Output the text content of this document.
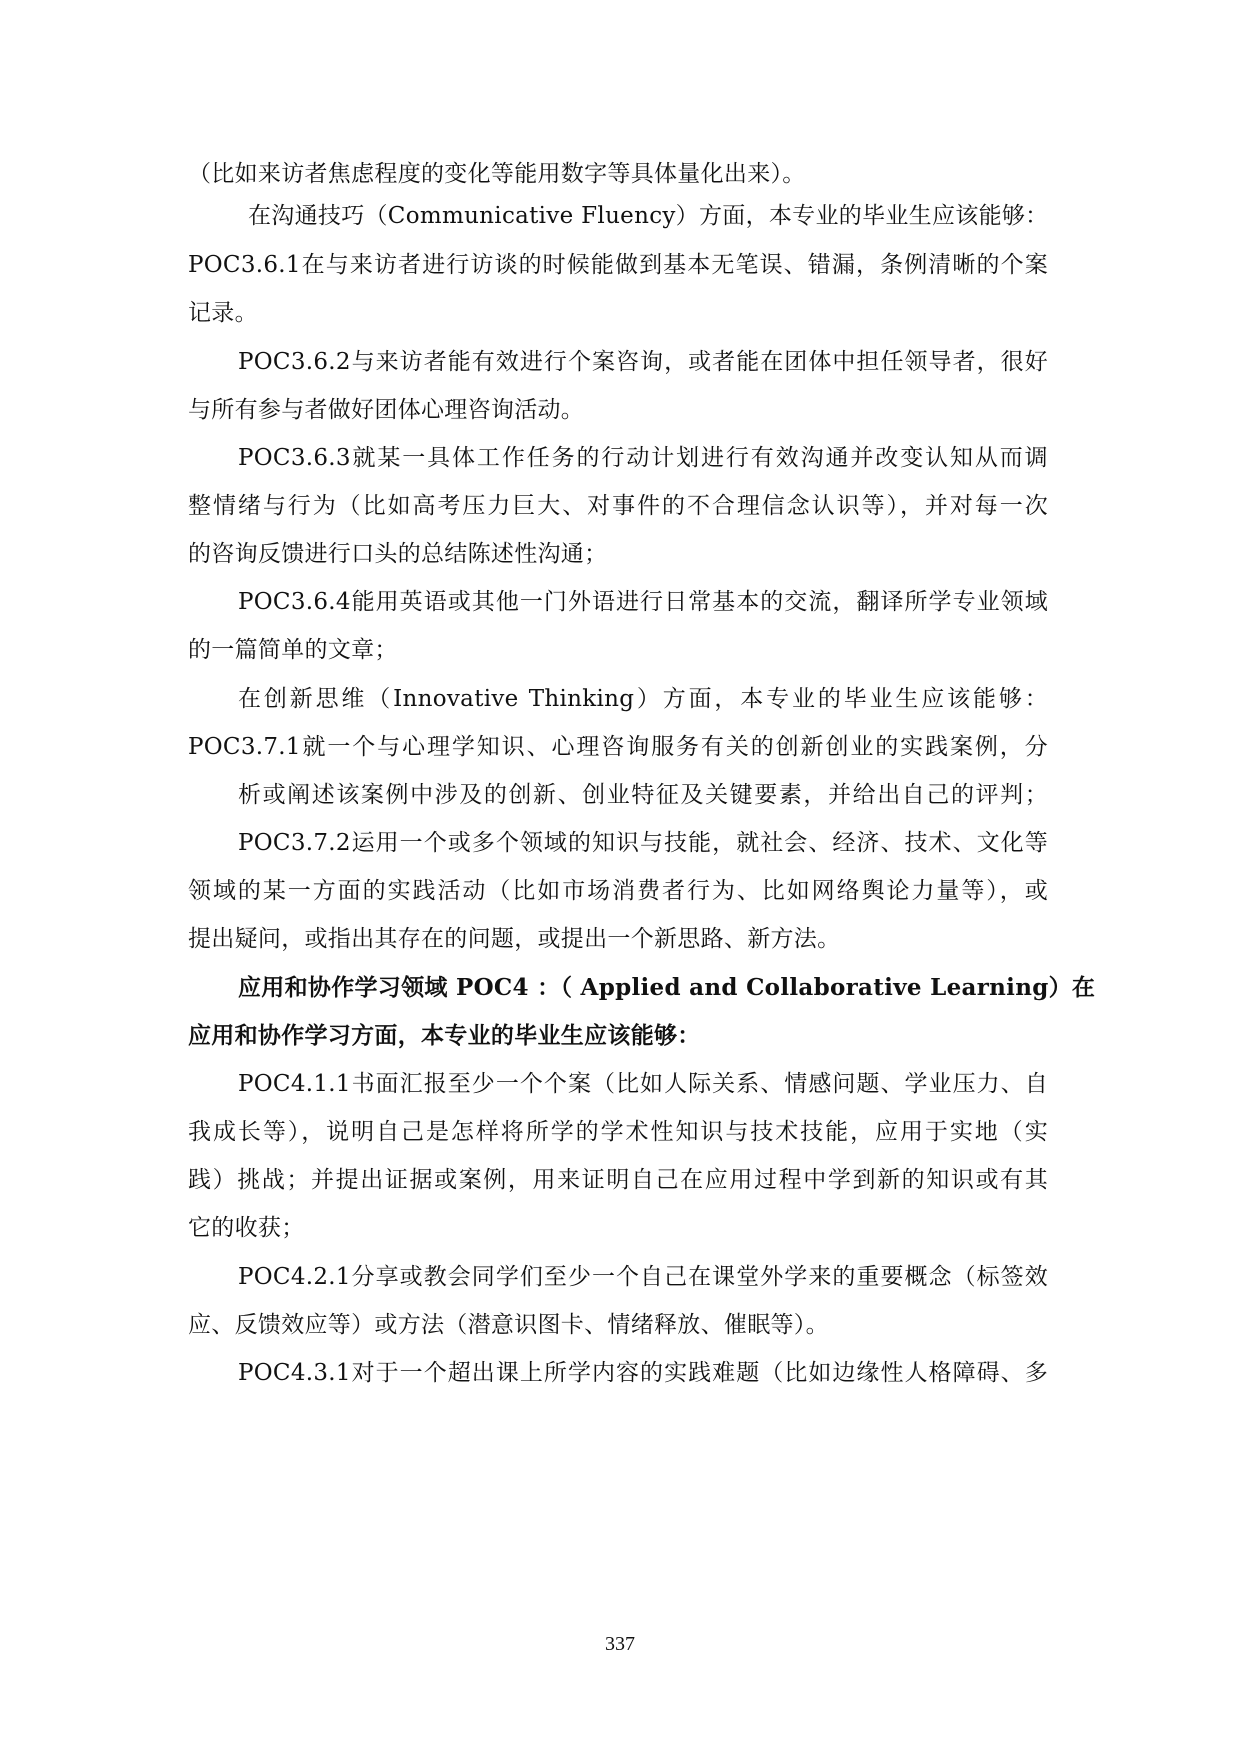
（比如来访者焦虑程度的变化等能用数字等具体量化出来）。
在沟通技巧（Communicative Fluency）方面，本专业的毕业生应该能够：
POC3.6.1在与来访者进行访谈的时候能做到基本无笔误、错漏，条例清晰的个案
记录。
POC3.6.2与来访者能有效进行个案咨询，或者能在团体中担任领导者，很好
与所有参与者做好团体心理咨询活动。
POC3.6.3就某一具体工作任务的行动计划进行有效沟通并改变认知从而调
整情绪与行为（比如高考压力巨大、对事件的不合理信念认识等），并对每一次
的咨询反馈进行口头的总结陈述性沟通；
POC3.6.4能用英语或其他一门外语进行日常基本的交流，翻译所学专业领域
的一篇简单的文章；
在创新思维（Innovative Thinking）方面，本专业的毕业生应该能够：
POC3.7.1就一个与心理学知识、心理咨询服务有关的创新创业的实践案例，分
析或阐述该案例中涉及的创新、创业特征及关键要素，并给出自己的评判；
POC3.7.2运用一个或多个领域的知识与技能，就社会、经济、技术、文化等
领域的某一方面的实践活动（比如市场消费者行为、比如网络舆论力量等），或
提出疑问，或指出其存在的问题，或提出一个新思路、新方法。
应用和协作学习领域 POC4 ：（ Applied and Collaborative Learning）在
应用和协作学习方面，本专业的毕业生应该能够：
POC4.1.1书面汇报至少一个个案（比如人际关系、情感问题、学业压力、自
我成长等），说明自己是怎样将所学的学术性知识与技术技能，应用于实地（实
践）挑战；并提出证据或案例，用来证明自己在应用过程中学到新的知识或有其
它的收获；
POC4.2.1分享或教会同学们至少一个自己在课堂外学来的重要概念（标签效
应、反馈效应等）或方法（潜意识图卡、情绪释放、催眠等）。
POC4.3.1对于一个超出课上所学内容的实践难题（比如边缘性人格障碍、多
337
